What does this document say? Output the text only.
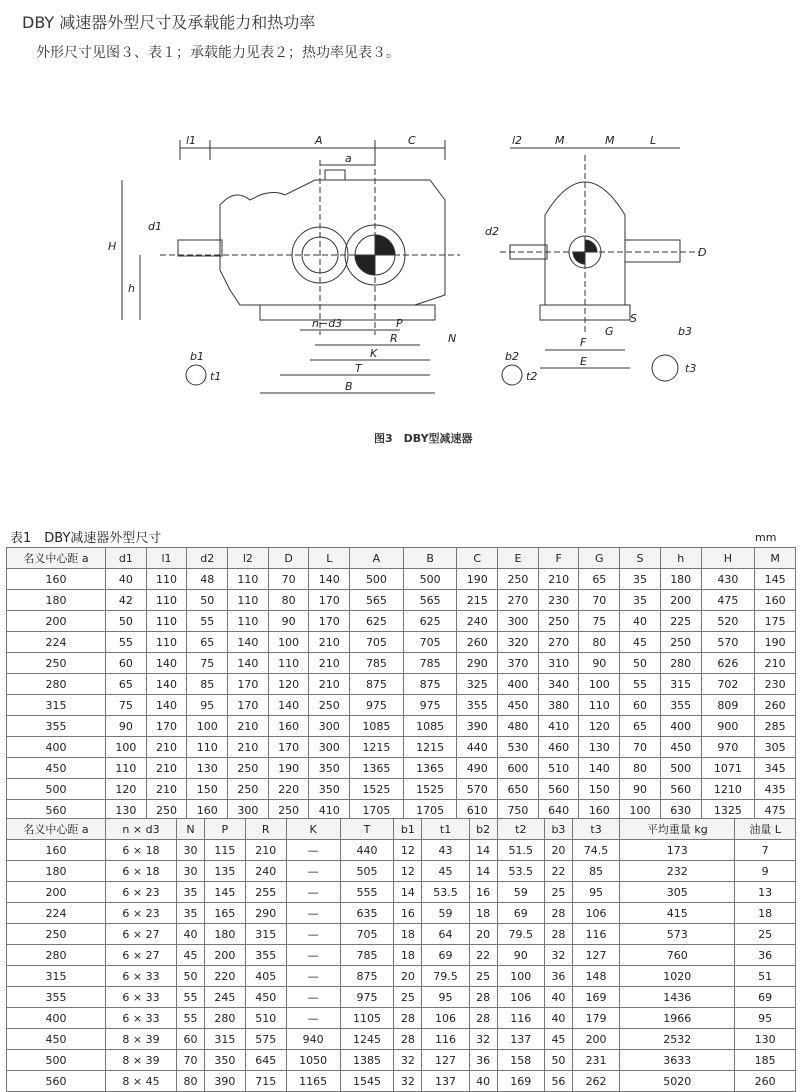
DBY 减速器外型尺寸及承载能力和热功率
外形尺寸见图３、表１；承载能力见表２；热功率见表３。
l1	A	C
a
H
d1
h
n−d3	P
R	N
K
T
B
b1
t1
l2	M	M	L
d2
D
G
S
F
E
b2
t2
b3
t3
图3　DBY型减速器
表1　DBY减速器外型尺寸	mm
名义中心距 a	d1	l1	d2	l2	D	L	A	B	C	E	F	G	S	h	H	M
160	40	110	48	110	70	140	500	500	190	250	210	65	35	180	430	145
180	42	110	50	110	80	170	565	565	215	270	230	70	35	200	475	160
200	50	110	55	110	90	170	625	625	240	300	250	75	40	225	520	175
224	55	110	65	140	100	210	705	705	260	320	270	80	45	250	570	190
250	60	140	75	140	110	210	785	785	290	370	310	90	50	280	626	210
280	65	140	85	170	120	210	875	875	325	400	340	100	55	315	702	230
315	75	140	95	170	140	250	975	975	355	450	380	110	60	355	809	260
355	90	170	100	210	160	300	1085	1085	390	480	410	120	65	400	900	285
400	100	210	110	210	170	300	1215	1215	440	530	460	130	70	450	970	305
450	110	210	130	250	190	350	1365	1365	490	600	510	140	80	500	1071	345
500	120	210	150	250	220	350	1525	1525	570	650	560	150	90	560	1210	435
560	130	250	160	300	250	410	1705	1705	610	750	640	160	100	630	1325	475
名义中心距 a	n × d3	N	P	R	K	T	b1	t1	b2	t2	b3	t3	平均重量 kg	油量 L
160	6 × 18	30	115	210	—	440	12	43	14	51.5	20	74.5	173	7
180	6 × 18	30	135	240	—	505	12	45	14	53.5	22	85	232	9
200	6 × 23	35	145	255	—	555	14	53.5	16	59	25	95	305	13
224	6 × 23	35	165	290	—	635	16	59	18	69	28	106	415	18
250	6 × 27	40	180	315	—	705	18	64	20	79.5	28	116	573	25
280	6 × 27	45	200	355	—	785	18	69	22	90	32	127	760	36
315	6 × 33	50	220	405	—	875	20	79.5	25	100	36	148	1020	51
355	6 × 33	55	245	450	—	975	25	95	28	106	40	169	1436	69
400	6 × 33	55	280	510	—	1105	28	106	28	116	40	179	1966	95
450	8 × 39	60	315	575	940	1245	28	116	32	137	45	200	2532	130
500	8 × 39	70	350	645	1050	1385	32	127	36	158	50	231	3633	185
560	8 × 45	80	390	715	1165	1545	32	137	40	169	56	262	5020	260
